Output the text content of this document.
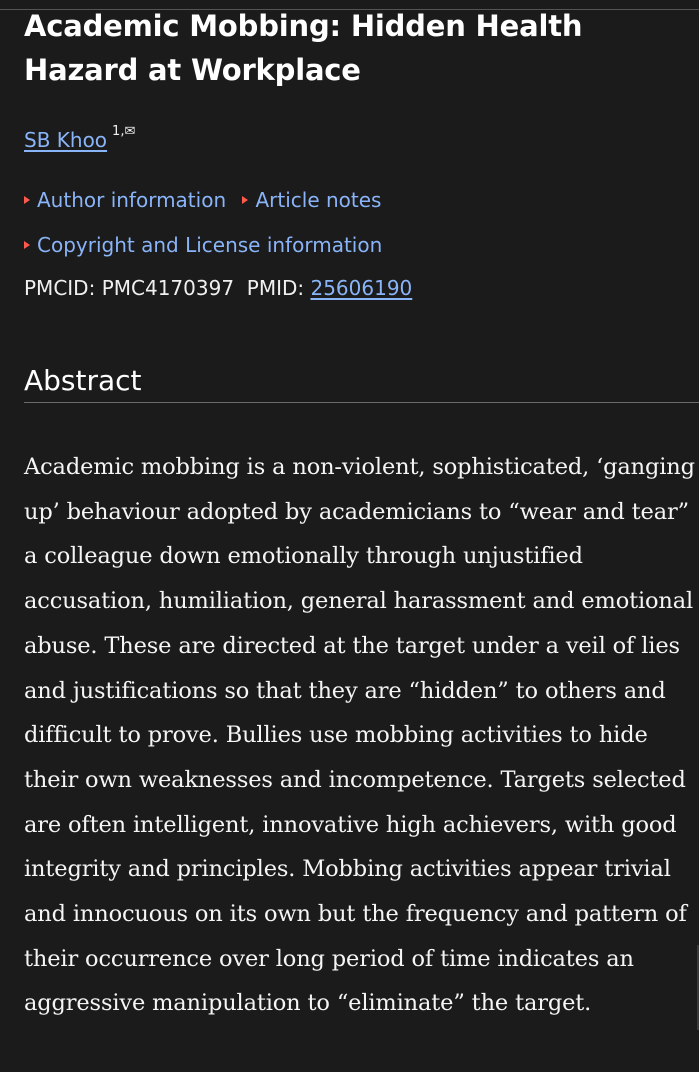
Academic Mobbing: Hidden Health Hazard at Workplace
SB Khoo $^{1,✉}$
Author information Article notes
Copyright and License information
PMCID: PMC4170397 PMID: 25606190
Abstract

Academic mobbing is a non-violent, sophisticated, ‘ganging up’ behaviour adopted by academicians to “wear and tear” a colleague down emotionally through unjustified accusation, humiliation, general harassment and emotional abuse. These are directed at the target under a veil of lies and justifications so that they are “hidden” to others and difficult to prove. Bullies use mobbing activities to hide their own weaknesses and incompetence. Targets selected are often intelligent, innovative high achievers, with good integrity and principles. Mobbing activities appear trivial and innocuous on its own but the frequency and pattern of their occurrence over long period of time indicates an aggressive manipulation to “eliminate” the target.
